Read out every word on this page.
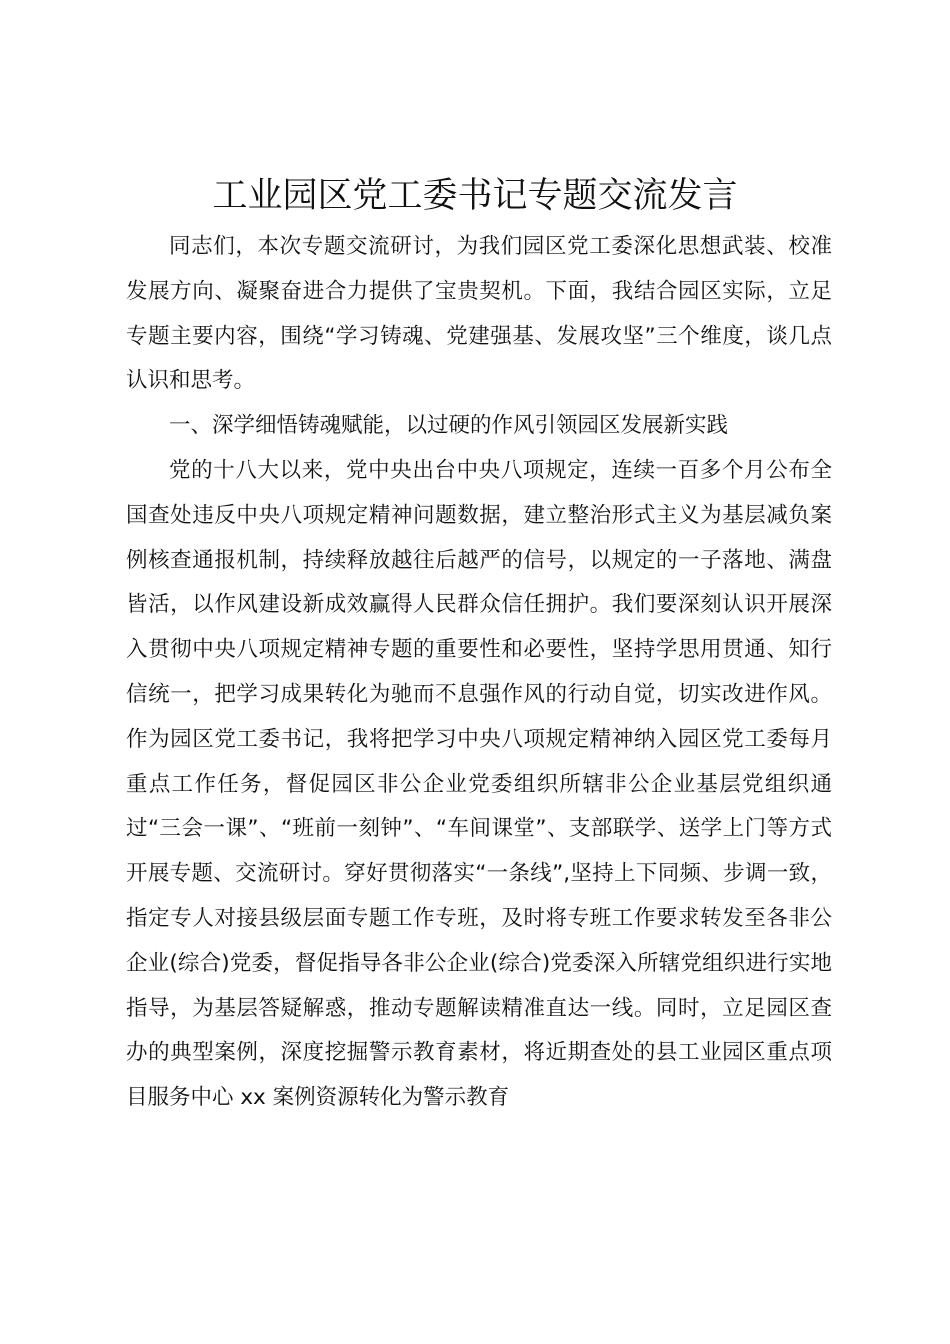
工业园区党工委书记专题交流发言

同志们，本次专题交流研讨，为我们园区党工委深化思想武装、校准发展方向、凝聚奋进合力提供了宝贵契机。下面，我结合园区实际，立足专题主要内容，围绕“学习铸魂、党建强基、发展攻坚”三个维度，谈几点认识和思考。

一、深学细悟铸魂赋能，以过硬的作风引领园区发展新实践

党的十八大以来，党中央出台中央八项规定，连续一百多个月公布全国查处违反中央八项规定精神问题数据，建立整治形式主义为基层减负案例核查通报机制，持续释放越往后越严的信号，以规定的一子落地、满盘皆活，以作风建设新成效赢得人民群众信任拥护。我们要深刻认识开展深入贯彻中央八项规定精神专题的重要性和必要性，坚持学思用贯通、知行信统一，把学习成果转化为驰而不息强作风的行动自觉，切实改进作风。作为园区党工委书记，我将把学习中央八项规定精神纳入园区党工委每月重点工作任务，督促园区非公企业党委组织所辖非公企业基层党组织通过“三会一课”、“班前一刻钟”、“车间课堂”、支部联学、送学上门等方式开展专题、交流研讨。穿好贯彻落实“一条线”,坚持上下同频、步调一致，指定专人对接县级层面专题工作专班，及时将专班工作要求转发至各非公企业(综合)党委，督促指导各非公企业(综合)党委深入所辖党组织进行实地指导，为基层答疑解惑，推动专题解读精准直达一线。同时，立足园区查办的典型案例，深度挖掘警示教育素材，将近期查处的县工业园区重点项目服务中心 xx 案例资源转化为警示教育
